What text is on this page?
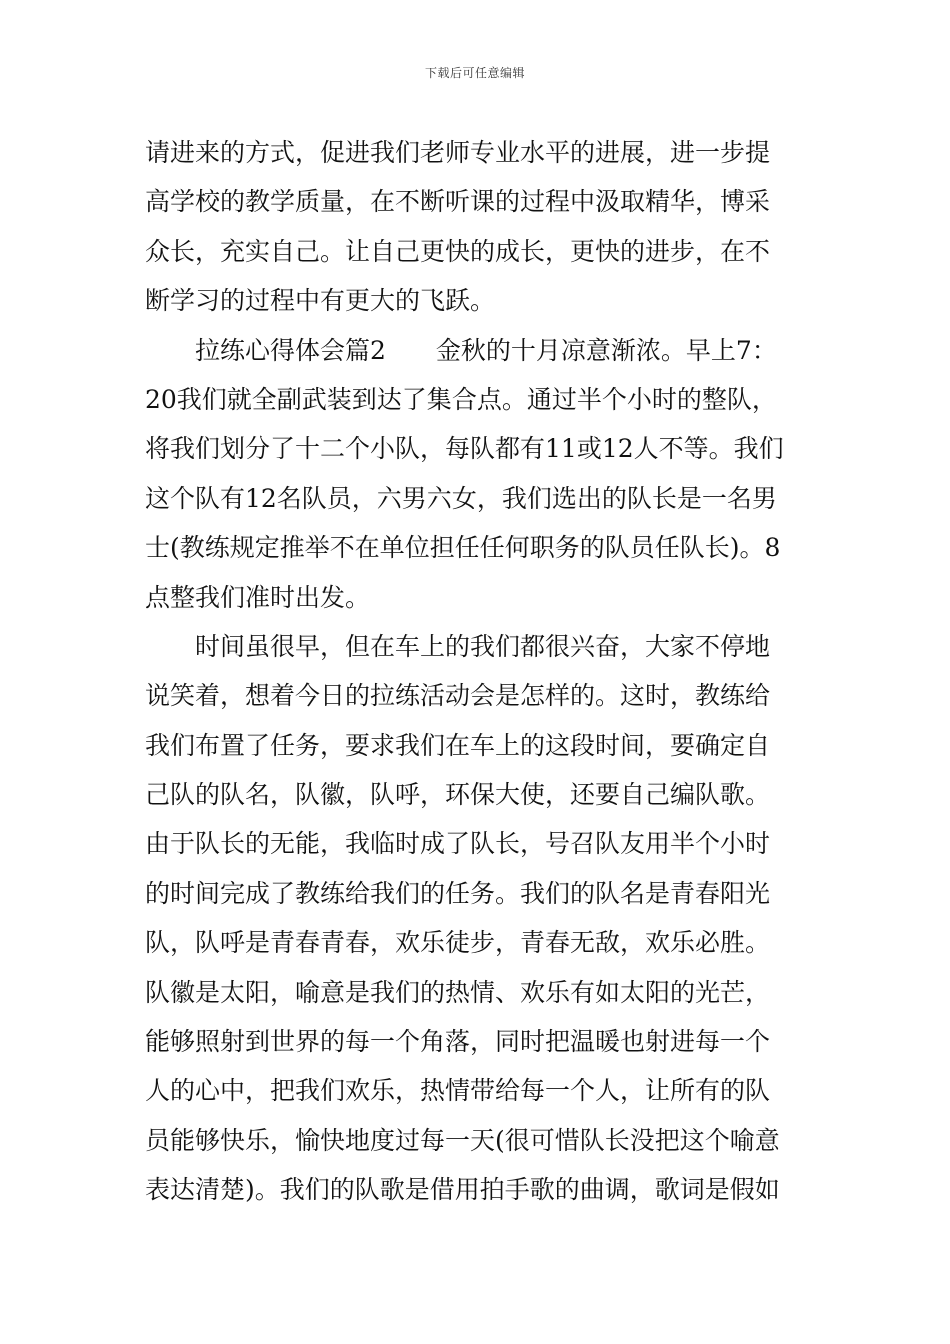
下载后可任意编辑
请进来的方式，促进我们老师专业水平的进展，进一步提
高学校的教学质量，在不断听课的过程中汲取精华，博采
众长，充实自己。让自己更快的成长，更快的进步，在不
断学习的过程中有更大的飞跃。
　　拉练心得体会篇2　　金秋的十月凉意渐浓。早上7：
20我们就全副武装到达了集合点。通过半个小时的整队，
将我们划分了十二个小队，每队都有11或12人不等。我们
这个队有12名队员，六男六女，我们选出的队长是一名男
士(教练规定推举不在单位担任任何职务的队员任队长)。8
点整我们准时出发。
　　时间虽很早，但在车上的我们都很兴奋，大家不停地
说笑着，想着今日的拉练活动会是怎样的。这时，教练给
我们布置了任务，要求我们在车上的这段时间，要确定自
己队的队名，队徽，队呼，环保大使，还要自己编队歌。
由于队长的无能，我临时成了队长，号召队友用半个小时
的时间完成了教练给我们的任务。我们的队名是青春阳光
队，队呼是青春青春，欢乐徒步，青春无敌，欢乐必胜。
队徽是太阳，喻意是我们的热情、欢乐有如太阳的光芒，
能够照射到世界的每一个角落，同时把温暖也射进每一个
人的心中，把我们欢乐，热情带给每一个人，让所有的队
员能够快乐，愉快地度过每一天(很可惜队长没把这个喻意
表达清楚)。我们的队歌是借用拍手歌的曲调，歌词是假如
